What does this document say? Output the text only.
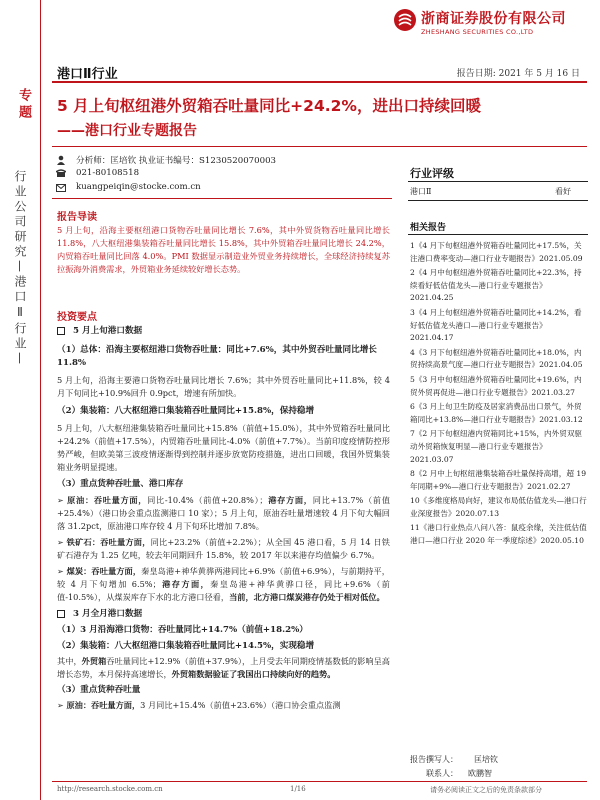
专题
行业公司研究—港口Ⅱ行业—
浙商证券股份有限公司
ZHESHANG SECURITIES CO.,LTD
港口Ⅱ行业	报告日期: 2021 年 5 月 16 日
5 月上旬枢纽港外贸箱吞吐量同比+24.2%，进出口持续回暖
——港口行业专题报告
分析师：匡培钦 执业证书编号：S1230520070003
021-80108518
kuangpeiqin@stocke.com.cn
报告导读
5 月上旬，沿海主要枢纽港口货物吞吐量同比增长 7.6%，其中外贸货物吞吐量同比增长 11.8%，八大枢纽港集装箱吞吐量同比增长 15.8%，其中外贸箱吞吐量同比增长 24.2%，内贸箱吞吐量同比回落 4.0%。PMI 数据显示制造业外贸业务持续增长，全球经济持续复苏拉振海外消费需求，外贸箱业务延续较好增长态势。
投资要点
5 月上旬港口数据
（1）总体：沿海主要枢纽港口货物吞吐量：同比+7.6%，其中外贸吞吐量同比增长 11.8%
5 月上旬，沿海主要港口货物吞吐量同比增长 7.6%；其中外贸吞吐量同比+11.8%，较 4 月下旬同比+10.9%回升 0.9pct，增速有所加快。
（2）集装箱：八大枢纽港口集装箱吞吐量同比+15.8%，保持稳增
5 月上旬，八大枢纽港集装箱吞吐量同比+15.8%（前值+15.0%），其中外贸箱吞吐量同比+24.2%（前值+17.5%），内贸箱吞吐量同比-4.0%（前值+7.7%）。当前印度疫情防控形势严峻，但欧美第三波疫情逐渐得到控制并逐步放宽防疫措施，进出口回暖，我国外贸集装箱业务明显提速。
（3）重点货种吞吐量、港口库存
➢ 原油：吞吐量方面，同比-10.4%（前值+20.8%）；港存方面，同比+13.7%（前值+25.4%）（港口协会重点监测港口 10 家）；5 月上旬，原油吞吐量增速较 4 月下旬大幅回落 31.2pct，原油港口库存较 4 月下旬环比增加 7.8%。
➢ 铁矿石：吞吐量方面，同比+23.2%（前值+2.2%）；从全国 45 港口看，5 月 14 日铁矿石港存为 1.25 亿吨，较去年同期回升 15.8%，较 2017 年以来港存均值偏少 6.7%。
➢ 煤炭：吞吐量方面，秦皇岛港+神华黄骅两港同比+6.9%（前值+6.9%），与前期持平，较 4 月下旬增加 6.5%；港存方面，秦皇岛港+神华黄骅口径，同比+9.6%（前值-10.5%），从煤炭库存下水的北方港口径看，当前，北方港口煤炭港存仍处于相对低位。
3 月全月港口数据
（1）3 月沿海港口货物：吞吐量同比+14.7%（前值+18.2%）
（2）集装箱：八大枢纽港口集装箱吞吐量同比+14.5%，实现稳增
其中，外贸箱吞吐量同比+12.9%（前值+37.9%），上月受去年同期疫情基数低的影响呈高增长态势，本月保持高速增长，外贸箱数据验证了我国出口持续向好的趋势。
（3）重点货种吞吐量
➢ 原油：吞吐量方面，3 月同比+15.4%（前值+23.6%）（港口协会重点监测
行业评级
港口Ⅱ	看好
相关报告
1《4 月下旬枢纽港外贸箱吞吐量同比+17.5%，关注港口费率变动—港口行业专题报告》2021.05.09
2《4 月中旬枢纽港外贸箱吞吐量同比+22.3%，持续看好低估值龙头—港口行业专题报告》2021.04.25
3《4 月上旬枢纽港外贸箱吞吐量同比+14.2%，看好低估值龙头港口—港口行业专题报告》2021.04.17
4《3 月下旬枢纽港外贸箱吞吐量同比+18.0%，内贸持续高景气度—港口行业专题报告》2021.04.05
5《3 月中旬枢纽港外贸箱吞吐量同比+19.6%，内贸外贸再促进—港口行业专题报告》2021.03.27
6《3 月上旬卫生防疫及居家消费品出口景气，外贸箱同比+13.8%—港口行业专题报告》2021.03.12
7《2 月下旬枢纽港内贸箱同比+15%，内外贸双驱动外贸箱恢复明显—港口行业专题报告》2021.03.07
8《2 月中上旬枢纽港集装箱吞吐量保持高增，超 19 年同期+9%—港口行业专题报告》2021.02.27
10《多维度格局向好，建议布局低估值龙头—港口行业深度报告》2020.07.13
11《港口行业热点八问八答：鼠疫余缘，关注低估值港口—港口行业 2020 年一季度综述》2020.05.10
报告撰写人： 匡培钦
联系人： 欧鹏智
http://research.stocke.com.cn	1/16	请务必阅读正文之后的免责条款部分
